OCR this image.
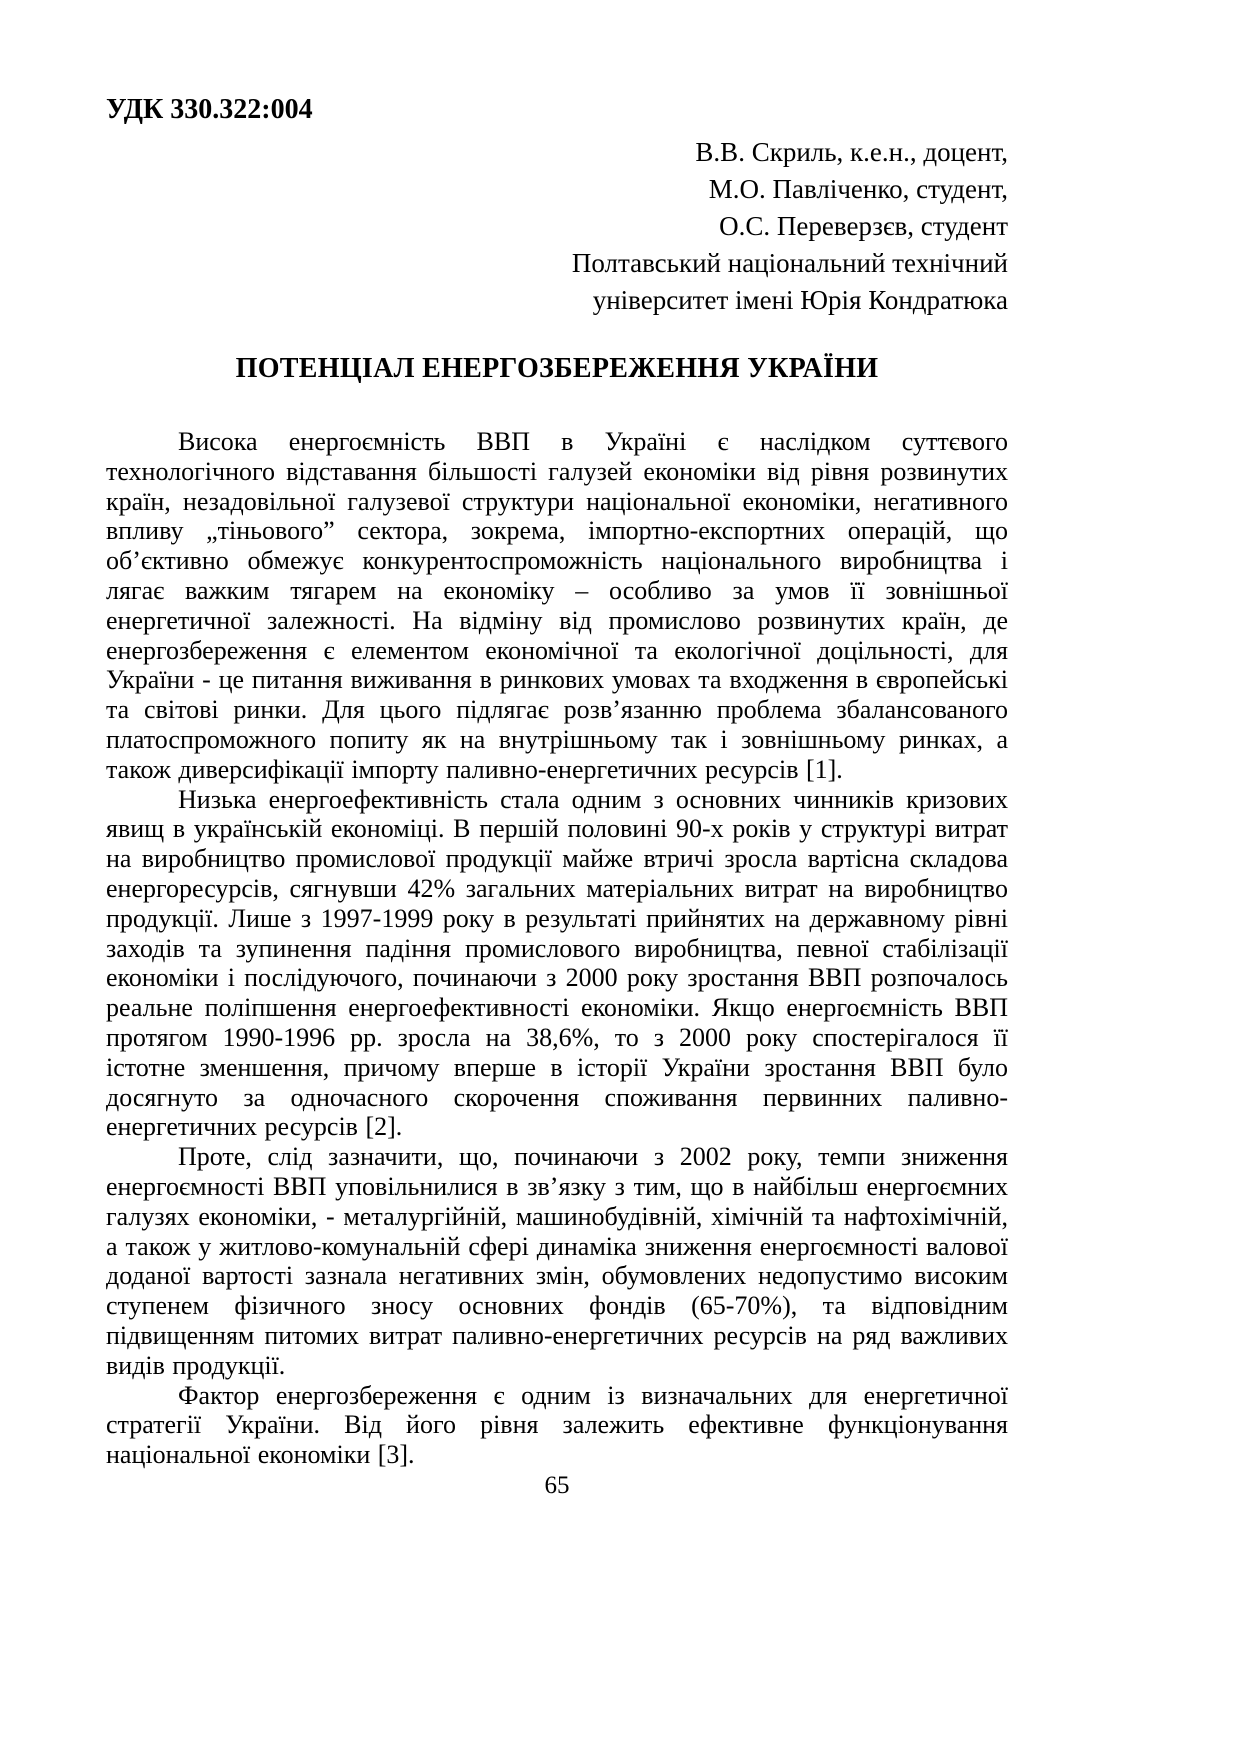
УДК 330.322:004
В.В. Скриль, к.е.н., доцент,
М.О. Павліченко, студент,
О.С. Переверзєв, студент
Полтавський національний технічний
університет імені Юрія Кондратюка
ПОТЕНЦІАЛ ЕНЕРГОЗБЕРЕЖЕННЯ УКРАЇНИ

Висока енергоємність ВВП в Україні є наслідком суттєвого технологічного відставання більшості галузей економіки від рівня розвинутих країн, незадовільної галузевої структури національної економіки, негативного впливу „тіньового” сектора, зокрема, імпортно-експортних операцій, що об’єктивно обмежує конкурентоспроможність національного виробництва і лягає важким тягарем на економіку – особливо за умов її зовнішньої енергетичної залежності. На відміну від промислово розвинутих країн, де енергозбереження є елементом економічної та екологічної доцільності, для України - це питання виживання в ринкових умовах та входження в європейські та світові ринки. Для цього підлягає розв’язанню проблема збалансованого платоспроможного попиту як на внутрішньому так і зовнішньому ринках, а також диверсифікації імпорту паливно-енергетичних ресурсів [1].

Низька енергоефективність стала одним з основних чинників кризових явищ в українській економіці. В першій половині 90-х років у структурі витрат на виробництво промислової продукції майже втричі зросла вартісна складова енергоресурсів, сягнувши 42% загальних матеріальних витрат на виробництво продукції. Лише з 1997-1999 року в результаті прийнятих на державному рівні заходів та зупинення падіння промислового виробництва, певної стабілізації економіки і послідуючого, починаючи з 2000 року зростання ВВП розпочалось реальне поліпшення енергоефективності економіки. Якщо енергоємність ВВП протягом 1990-1996 рр. зросла на 38,6%, то з 2000 року спостерігалося її істотне зменшення, причому вперше в історії України зростання ВВП було досягнуто за одночасного скорочення споживання первинних паливно-енергетичних ресурсів [2].

Проте, слід зазначити, що, починаючи з 2002 року, темпи зниження енергоємності ВВП уповільнилися в зв’язку з тим, що в найбільш енергоємних галузях економіки, - металургійній, машинобудівній, хімічній та нафтохімічній, а також у житлово-комунальній сфері динаміка зниження енергоємності валової доданої вартості зазнала негативних змін, обумовлених недопустимо високим ступенем фізичного зносу основних фондів (65-70%), та відповідним підвищенням питомих витрат паливно-енергетичних ресурсів на ряд важливих видів продукції.

Фактор енергозбереження є одним із визначальних для енергетичної стратегії України. Від його рівня залежить ефективне функціонування національної економіки [3].

65
